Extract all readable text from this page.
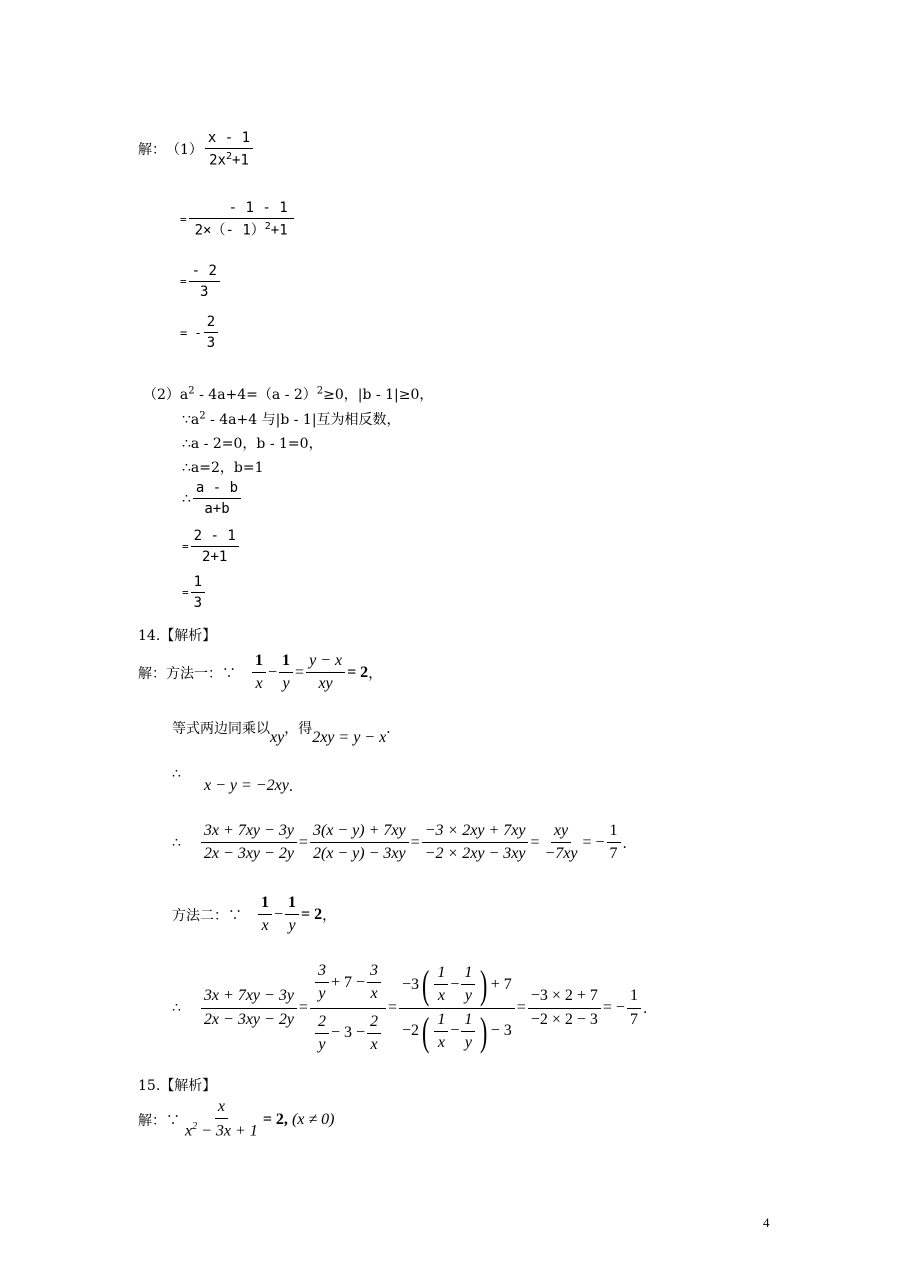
解： $(1) \frac{x - 1}{2x^2+1}$
= $\frac{- 1 - 1}{2\times(- 1)^2+1}$
= $\frac{- 2}{3}$
= - $\frac{2}{3}$
$(2)a^2 - 4a+4=(a - 2)^2\ge 0$，|b - 1|≥0，
$\because a^2 - 4a+4$ 与|b - 1|互为相反数，
∴a - 2=0，b - 1=0，
∴a=2，b=1
∴ $\frac{a - b}{a+b}$
= $\frac{2 - 1}{2+1}$
= $\frac{1}{3}$
14.【解析】
解：方法一：∵ $\frac{1}{x} - \frac{1}{y} = \frac{y - x}{xy} = 2$ ，
等式两边同乘以 xy ，得 2xy = y − x ．
∴
x − y = −2xy ．
∴ $\frac{3x + 7xy - 3y}{2x - 3xy - 2y} = \frac{3(x - y) + 7xy}{2(x - y) - 3xy} = \frac{-3 \times 2xy + 7xy}{-2 \times 2xy - 3xy} = \frac{xy}{-7xy}$ = − $\frac{1}{7}$ ．
方法二：∵ $\frac{1}{x} - \frac{1}{y} = 2$ ，
∴ $\frac{3x + 7xy - 3y}{2x - 3xy - 2y} = \frac{\frac{3}{y} + 7 - \frac{3}{x}}{\frac{2}{y} - 3 - \frac{2}{x}}$ =
−3 ( $\frac{1}{x} - \frac{1}{y}$ ) + 7
−2 ( $\frac{1}{x} - \frac{1}{y}$ ) − 3
= $\frac{-3 \times 2 + 7}{-2 \times 2 - 3}$ = − $\frac{1}{7}$ ．
15.【解析】
解：∵ $\frac{x}{x^2 - 3x + 1} = 2$, (x ≠ 0)
4
